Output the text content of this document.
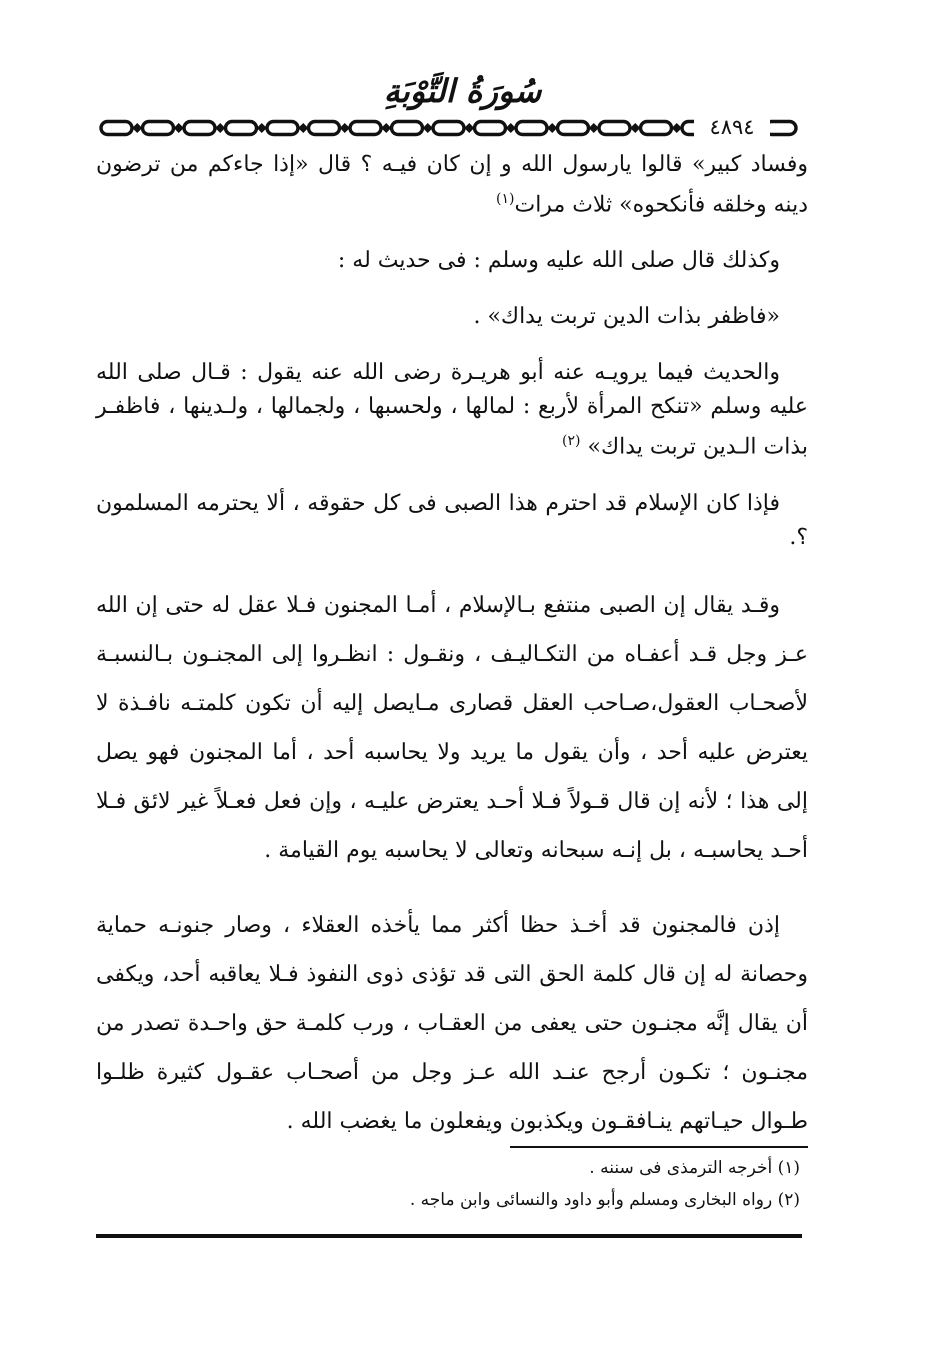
سُورَةُ التَّوْبَةِ
٤٨٩٤

وفساد كبير» قالوا يارسول الله و إن كان فيـه ؟ قال «إذا جاءكم من ترضون دينه وخلقه فأنكحوه» ثلاث مرات$^{(١)}$

وكذلك قال صلى الله عليه وسلم : فى حديث له :

«فاظفر بذات الدين تربت يداك» .

والحديث فيما يرويـه عنه أبو هريـرة رضى الله عنه يقول : قـال صلى الله عليه وسلم «تنكح المرأة لأربع : لمالها ، ولحسبها ، ولجمالها ، ولـدينها ، فاظفـر بذات الـدين تربت يداك» $^{(٢)}$

فإذا كان الإسلام قد احترم هذا الصبى فى كل حقوقه ، ألا يحترمه المسلمون ؟.

وقـد يقال إن الصبى منتفع بـالإسلام ، أمـا المجنون فـلا عقل له حتى إن الله عـز وجل قـد أعفـاه من التكـاليـف ، ونقـول : انظـروا إلى المجنـون بـالنسبـة لأصحـاب العقول،صـاحب العقل قصارى مـايصل إليه أن تكون كلمتـه نافـذة لا يعترض عليه أحد ، وأن يقول ما يريد ولا يحاسبه أحد ، أما المجنون فهو يصل إلى هذا ؛ لأنه إن قال قـولاً فـلا أحـد يعترض عليـه ، وإن فعل فعـلاً غير لائق فـلا أحـد يحاسبـه ، بل إنـه سبحانه وتعالى لا يحاسبه يوم القيامة .

إذن فالمجنون قد أخـذ حظا أكثر مما يأخذه العقلاء ، وصار جنونـه حماية وحصانة له إن قال كلمة الحق التى قد تؤذى ذوى النفوذ فـلا يعاقبه أحد، ويكفى أن يقال إنَّه مجنـون حتى يعفى من العقـاب ، ورب كلمـة حق واحـدة تصدر من مجنـون ؛ تكـون أرجح عنـد الله عـز وجل من أصحـاب عقـول كثيرة ظلـوا طـوال حيـاتهم ينـافقـون ويكذبون ويفعلون ما يغضب الله .

(١) أخرجه الترمذى فى سننه .

(٢) رواه البخارى ومسلم وأبو داود والنسائى وابن ماجه .
